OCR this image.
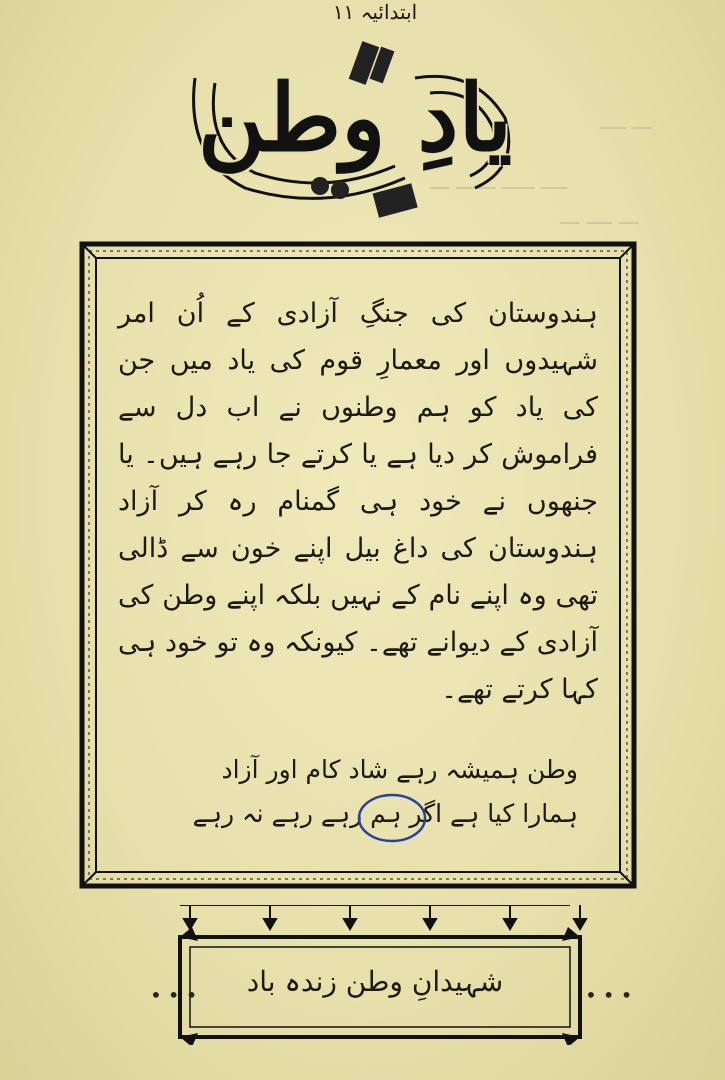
ــــ ـــــ ــــــ ـــ
ـــ ــــ ـــ
ـــ ــــ
ابتدائیہ ۱۱
یادِ وطن

ہندوستان کی جنگِ آزادی کے اُن امر شہیدوں اور معمارِ قوم کی یاد میں جن کی یاد کو ہم وطنوں نے اب دل سے فراموش کر دیا ہے یا کرتے جا رہے ہیں۔ یا جنھوں نے خود ہی گمنام رہ کر آزاد ہندوستان کی داغ بیل اپنے خون سے ڈالی تھی وہ اپنے نام کے نہیں بلکہ اپنے وطن کی آزادی کے دیوانے تھے۔ کیونکہ وہ تو خود ہی کہا کرتے تھے۔

وطن ہمیشہ رہے شاد کام اور آزاد
ہمارا کیا ہے اگر ہم رہے رہے نہ رہے
•••	•••
شہیدانِ وطن زندہ باد
